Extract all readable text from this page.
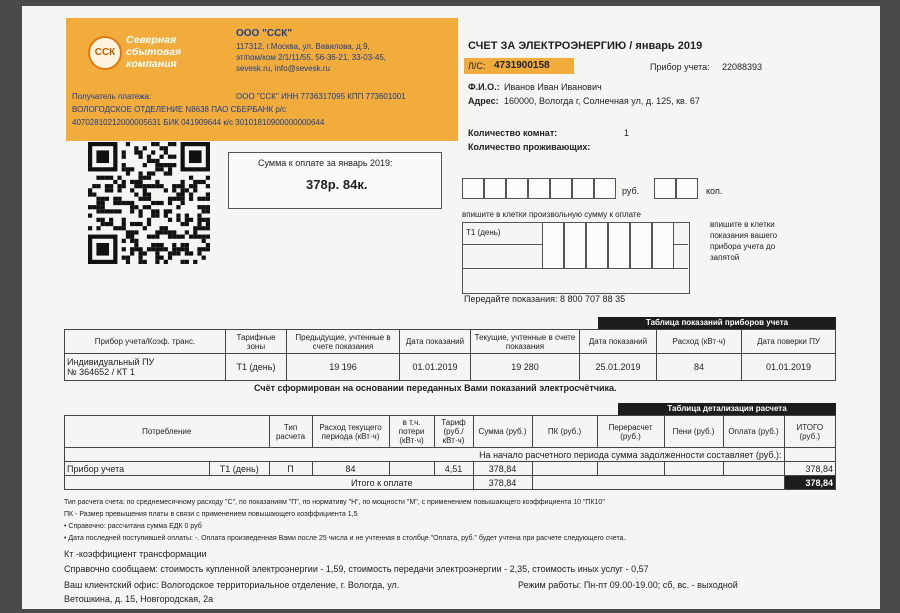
ССК
Северная
сбытовая
компания
ООО "ССК"
117312, г.Москва, ул. Вавилова, д.9,
эт/пом/ком 2/1/11/55, 56-36-21, 33-03-45,
sevesk.ru, info@sevesk.ru
Получатель платежа:	ООО "ССК" ИНН 7736317095 КПП 773601001
ВОЛОГОДСКОЕ ОТДЕЛЕНИЕ N8638 ПАО СБЕРБАНК р/с
40702810212000005631 БИК 041909644 к/с 30101810900000000644
СЧЕТ ЗА ЭЛЕКТРОЭНЕРГИЮ / январь 2019
Л/С: 4731900158	Прибор учета: 22088393
Ф.И.О.: Иванов Иван Иванович
Адрес: 160000, Вологда г, Солнечная ул, д. 125, кв. 67
Количество комнат:	1
Количество проживающих:
Сумма к оплате за январь 2019:
378р. 84к.	руб.	коп.
впишите в клетки произвольную сумму к оплате
Т1 (день)
впишите в клетки
показания вашего
прибора учета до
запятой
Передайте показания: 8 800 707 88 35
Таблица показаний приборов учета
Прибор учета/Коэф. транс.	Тарифные зоны	Предыдущие, учтенные в счете показания	Дата показаний	Текущие, учтенные в счете показания	Дата показаний	Расход (кВт·ч)	Дата поверки ПУ

Индивидуальный ПУ
№ 364652 / КТ 1	Т1 (день)	19 196	01.01.2019	19 280	25.01.2019	84	01.01.2019
Счёт сформирован на основании переданных Вами показаний электросчётчика.
Таблица детализация расчета
Потребление		Тип расчета	Расход текущего периода (кВт·ч)	в т.ч. потери (кВт·ч)	Тариф (руб./ кВт·ч)	Сумма (руб.)	ПК (руб.)	Перерасчет (руб.)	Пени (руб.)	Оплата (руб.)	ИТОГО (руб.)
На начало расчетного периода сумма задолженности составляет (руб.):											
Прибор учета	Т1 (день)	П	84		4,51	378,84					378,84
Итого к оплате						378,84					378,84
Тип расчета счета: по среднемесячному расходу "С", по показаниям "П", по нормативу "Н", по мощности "М", с применением повышающего коэффициента 10 "ПК10"
ПК - Размер превышения платы в связи с применением повышающего коэффициента 1,5
• Справочно: рассчитана сумма ЕДК 0 руб
• Дата последней поступившей оплаты: -. Оплата произведенная Вами после 25 числа и не учтенная в столбце "Оплата, руб." будет учтена при расчете следующего счета.
Кт -коэффициент трансформации
Справочно сообщаем: стоимость купленной электроэнергии - 1,59, стоимость передачи электроэнергии - 2,35, стоимость иных услуг - 0,57
Ваш клиентский офис: Вологодское территориальное отделение, г. Вологда, ул.
Ветошкина, д. 15, Новгородская, 2а
Режим работы: Пн-пт 09.00-19.00; сб, вс. - выходной
